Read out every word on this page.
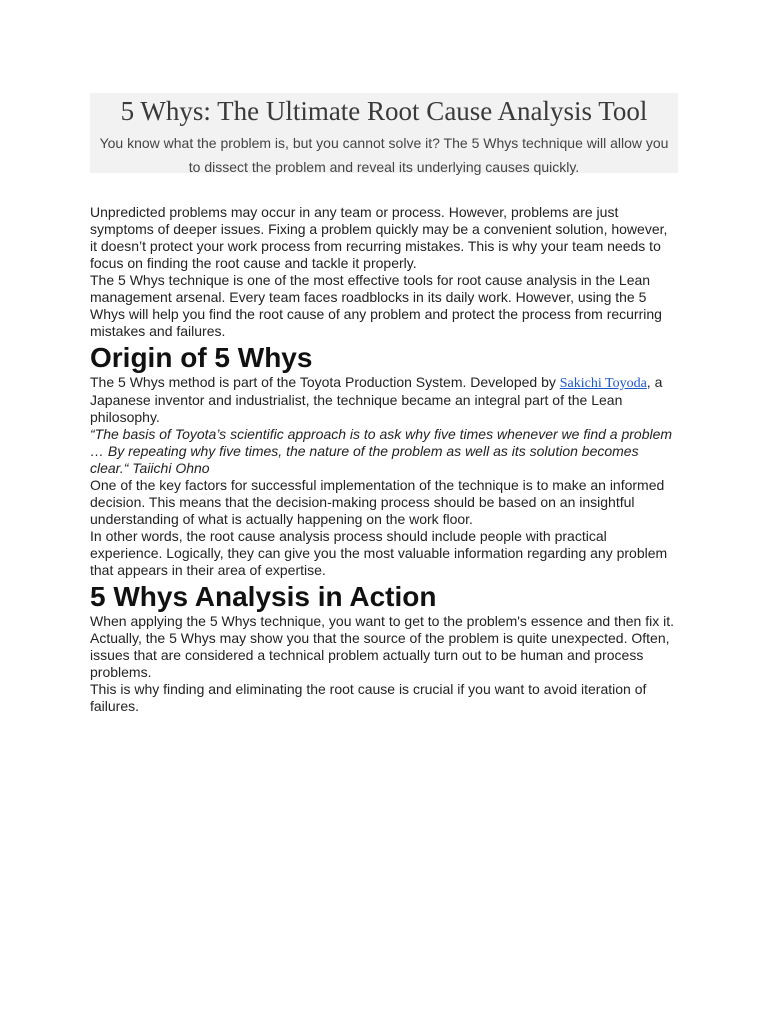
5 Whys: The Ultimate Root Cause Analysis Tool

You know what the problem is, but you cannot solve it? The 5 Whys technique will allow you to dissect the problem and reveal its underlying causes quickly.

Unpredicted problems may occur in any team or process. However, problems are just symptoms of deeper issues. Fixing a problem quickly may be a convenient solution, however, it doesn’t protect your work process from recurring mistakes. This is why your team needs to focus on finding the root cause and tackle it properly.

The 5 Whys technique is one of the most effective tools for root cause analysis in the Lean management arsenal. Every team faces roadblocks in its daily work. However, using the 5 Whys will help you find the root cause of any problem and protect the process from recurring mistakes and failures.

Origin of 5 Whys

The 5 Whys method is part of the Toyota Production System. Developed by Sakichi Toyoda, a Japanese inventor and industrialist, the technique became an integral part of the Lean philosophy.

“The basis of Toyota’s scientific approach is to ask why five times whenever we find a problem … By repeating why five times, the nature of the problem as well as its solution becomes clear.“ Taiichi Ohno

One of the key factors for successful implementation of the technique is to make an informed decision. This means that the decision-making process should be based on an insightful understanding of what is actually happening on the work floor.

In other words, the root cause analysis process should include people with practical experience. Logically, they can give you the most valuable information regarding any problem that appears in their area of expertise.

5 Whys Analysis in Action

When applying the 5 Whys technique, you want to get to the problem's essence and then fix it. Actually, the 5 Whys may show you that the source of the problem is quite unexpected. Often, issues that are considered a technical problem actually turn out to be human and process problems.

This is why finding and eliminating the root cause is crucial if you want to avoid iteration of failures.
